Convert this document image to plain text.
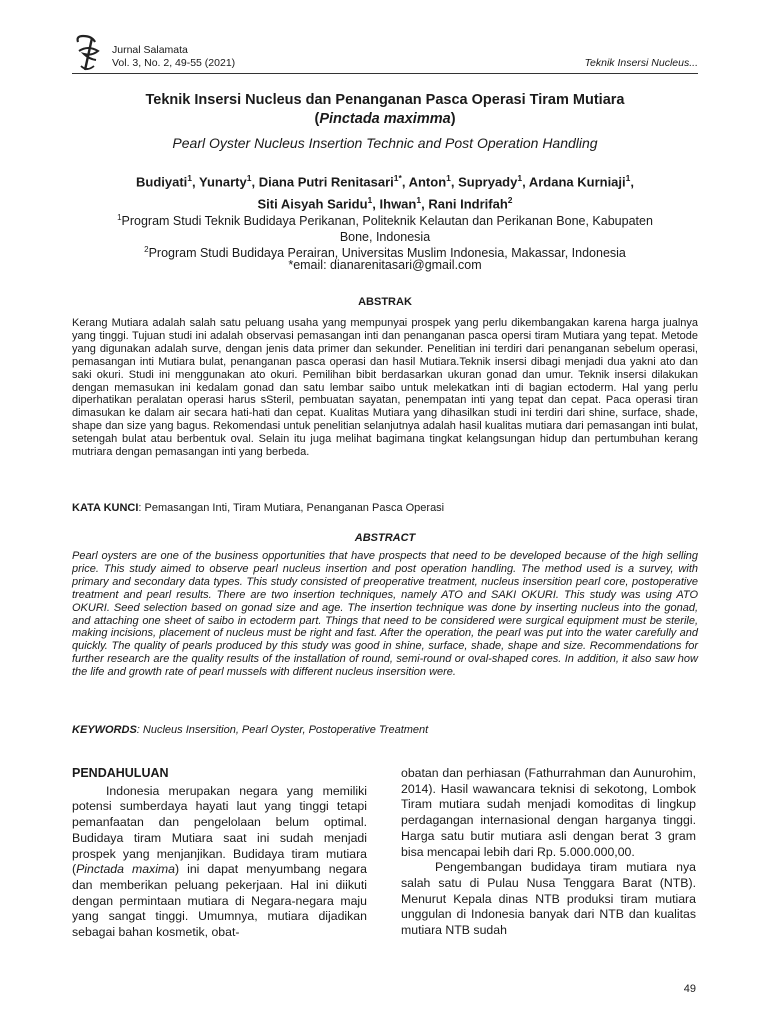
Jurnal Salamata
Vol. 3, No. 2, 49-55 (2021)	Teknik Insersi Nucleus...
Teknik Insersi Nucleus dan Penanganan Pasca Operasi Tiram Mutiara
(Pinctada maximma)
Pearl Oyster Nucleus Insertion Technic and Post Operation Handling
Budiyati$^1$, Yunarty$^1$, Diana Putri Renitasari$^{1*}$, Anton$^1$, Supryady$^1$, Ardana Kurniaji$^1$,
Siti Aisyah Saridu$^1$, Ihwan$^1$, Rani Indrifah$^2$
$^1$Program Studi Teknik Budidaya Perikanan, Politeknik Kelautan dan Perikanan Bone, Kabupaten
Bone, Indonesia
$^2$Program Studi Budidaya Perairan, Universitas Muslim Indonesia, Makassar, Indonesia
*email: dianarenitasari@gmail.com
ABSTRAK
Kerang Mutiara adalah salah satu peluang usaha yang mempunyai prospek yang perlu dikembangakan karena harga jualnya yang tinggi. Tujuan studi ini adalah observasi pemasangan inti dan penanganan pasca opersi tiram Mutiara yang tepat. Metode yang digunakan adalah surve, dengan jenis data primer dan sekunder. Penelitian ini terdiri dari penanganan sebelum operasi, pemasangan inti Mutiara bulat, penanganan pasca operasi dan hasil Mutiara.Teknik insersi dibagi menjadi dua yakni ato dan saki okuri. Studi ini menggunakan ato okuri. Pemilihan bibit berdasarkan ukuran gonad dan umur. Teknik insersi dilakukan dengan memasukan ini kedalam gonad dan satu lembar saibo untuk melekatkan inti di bagian ectoderm. Hal yang perlu diperhatikan peralatan operasi harus sSteril, pembuatan sayatan, penempatan inti yang tepat dan cepat. Paca operasi tiran dimasukan ke dalam air secara hati-hati dan cepat. Kualitas Mutiara yang dihasilkan studi ini terdiri dari shine, surface, shade, shape dan size yang bagus. Rekomendasi untuk penelitian selanjutnya adalah hasil kualitas mutiara dari pemasangan inti bulat, setengah bulat atau berbentuk oval. Selain itu juga melihat bagimana tingkat kelangsungan hidup dan pertumbuhan kerang mutriara dengan pemasangan inti yang berbeda.
KATA KUNCI: Pemasangan Inti, Tiram Mutiara, Penanganan Pasca Operasi
ABSTRACT
Pearl oysters are one of the business opportunities that have prospects that need to be developed because of the high selling price. This study aimed to observe pearl nucleus insertion and post operation handling. The method used is a survey, with primary and secondary data types. This study consisted of preoperative treatment, nucleus insersition pearl core, postoperative treatment and pearl results. There are two insertion techniques, namely ATO and SAKI OKURI. This study was using ATO OKURI. Seed selection based on gonad size and age. The insertion technique was done by inserting nucleus into the gonad, and attaching one sheet of saibo in ectoderm part. Things that need to be considered were surgical equipment must be sterile, making incisions, placement of nucleus must be right and fast. After the operation, the pearl was put into the water carefully and quickly. The quality of pearls produced by this study was good in shine, surface, shade, shape and size. Recommendations for further research are the quality results of the installation of round, semi-round or oval-shaped cores. In addition, it also saw how the life and growth rate of pearl mussels with different nucleus insersition were.
KEYWORDS: Nucleus Insersition, Pearl Oyster, Postoperative Treatment
PENDAHULUAN

Indonesia merupakan negara yang memiliki potensi sumberdaya hayati laut yang tinggi tetapi pemanfaatan dan pengelolaan belum optimal. Budidaya tiram Mutiara saat ini sudah menjadi prospek yang menjanjikan. Budidaya tiram mutiara (Pinctada maxima) ini dapat menyumbang negara dan memberikan peluang pekerjaan. Hal ini diikuti dengan permintaan mutiara di Negara-negara maju yang sangat tinggi. Umumnya, mutiara dijadikan sebagai bahan kosmetik, obat-

obatan dan perhiasan (Fathurrahman dan Aunurohim, 2014). Hasil wawancara teknisi di sekotong, Lombok Tiram mutiara sudah menjadi komoditas di lingkup perdagangan internasional dengan harganya tinggi. Harga satu butir mutiara asli dengan berat 3 gram bisa mencapai lebih dari Rp. 5.000.000,00.

Pengembangan budidaya tiram mutiara nya salah satu di Pulau Nusa Tenggara Barat (NTB). Menurut Kepala dinas NTB produksi tiram mutiara unggulan di Indonesia banyak dari NTB dan kualitas mutiara NTB sudah

49
